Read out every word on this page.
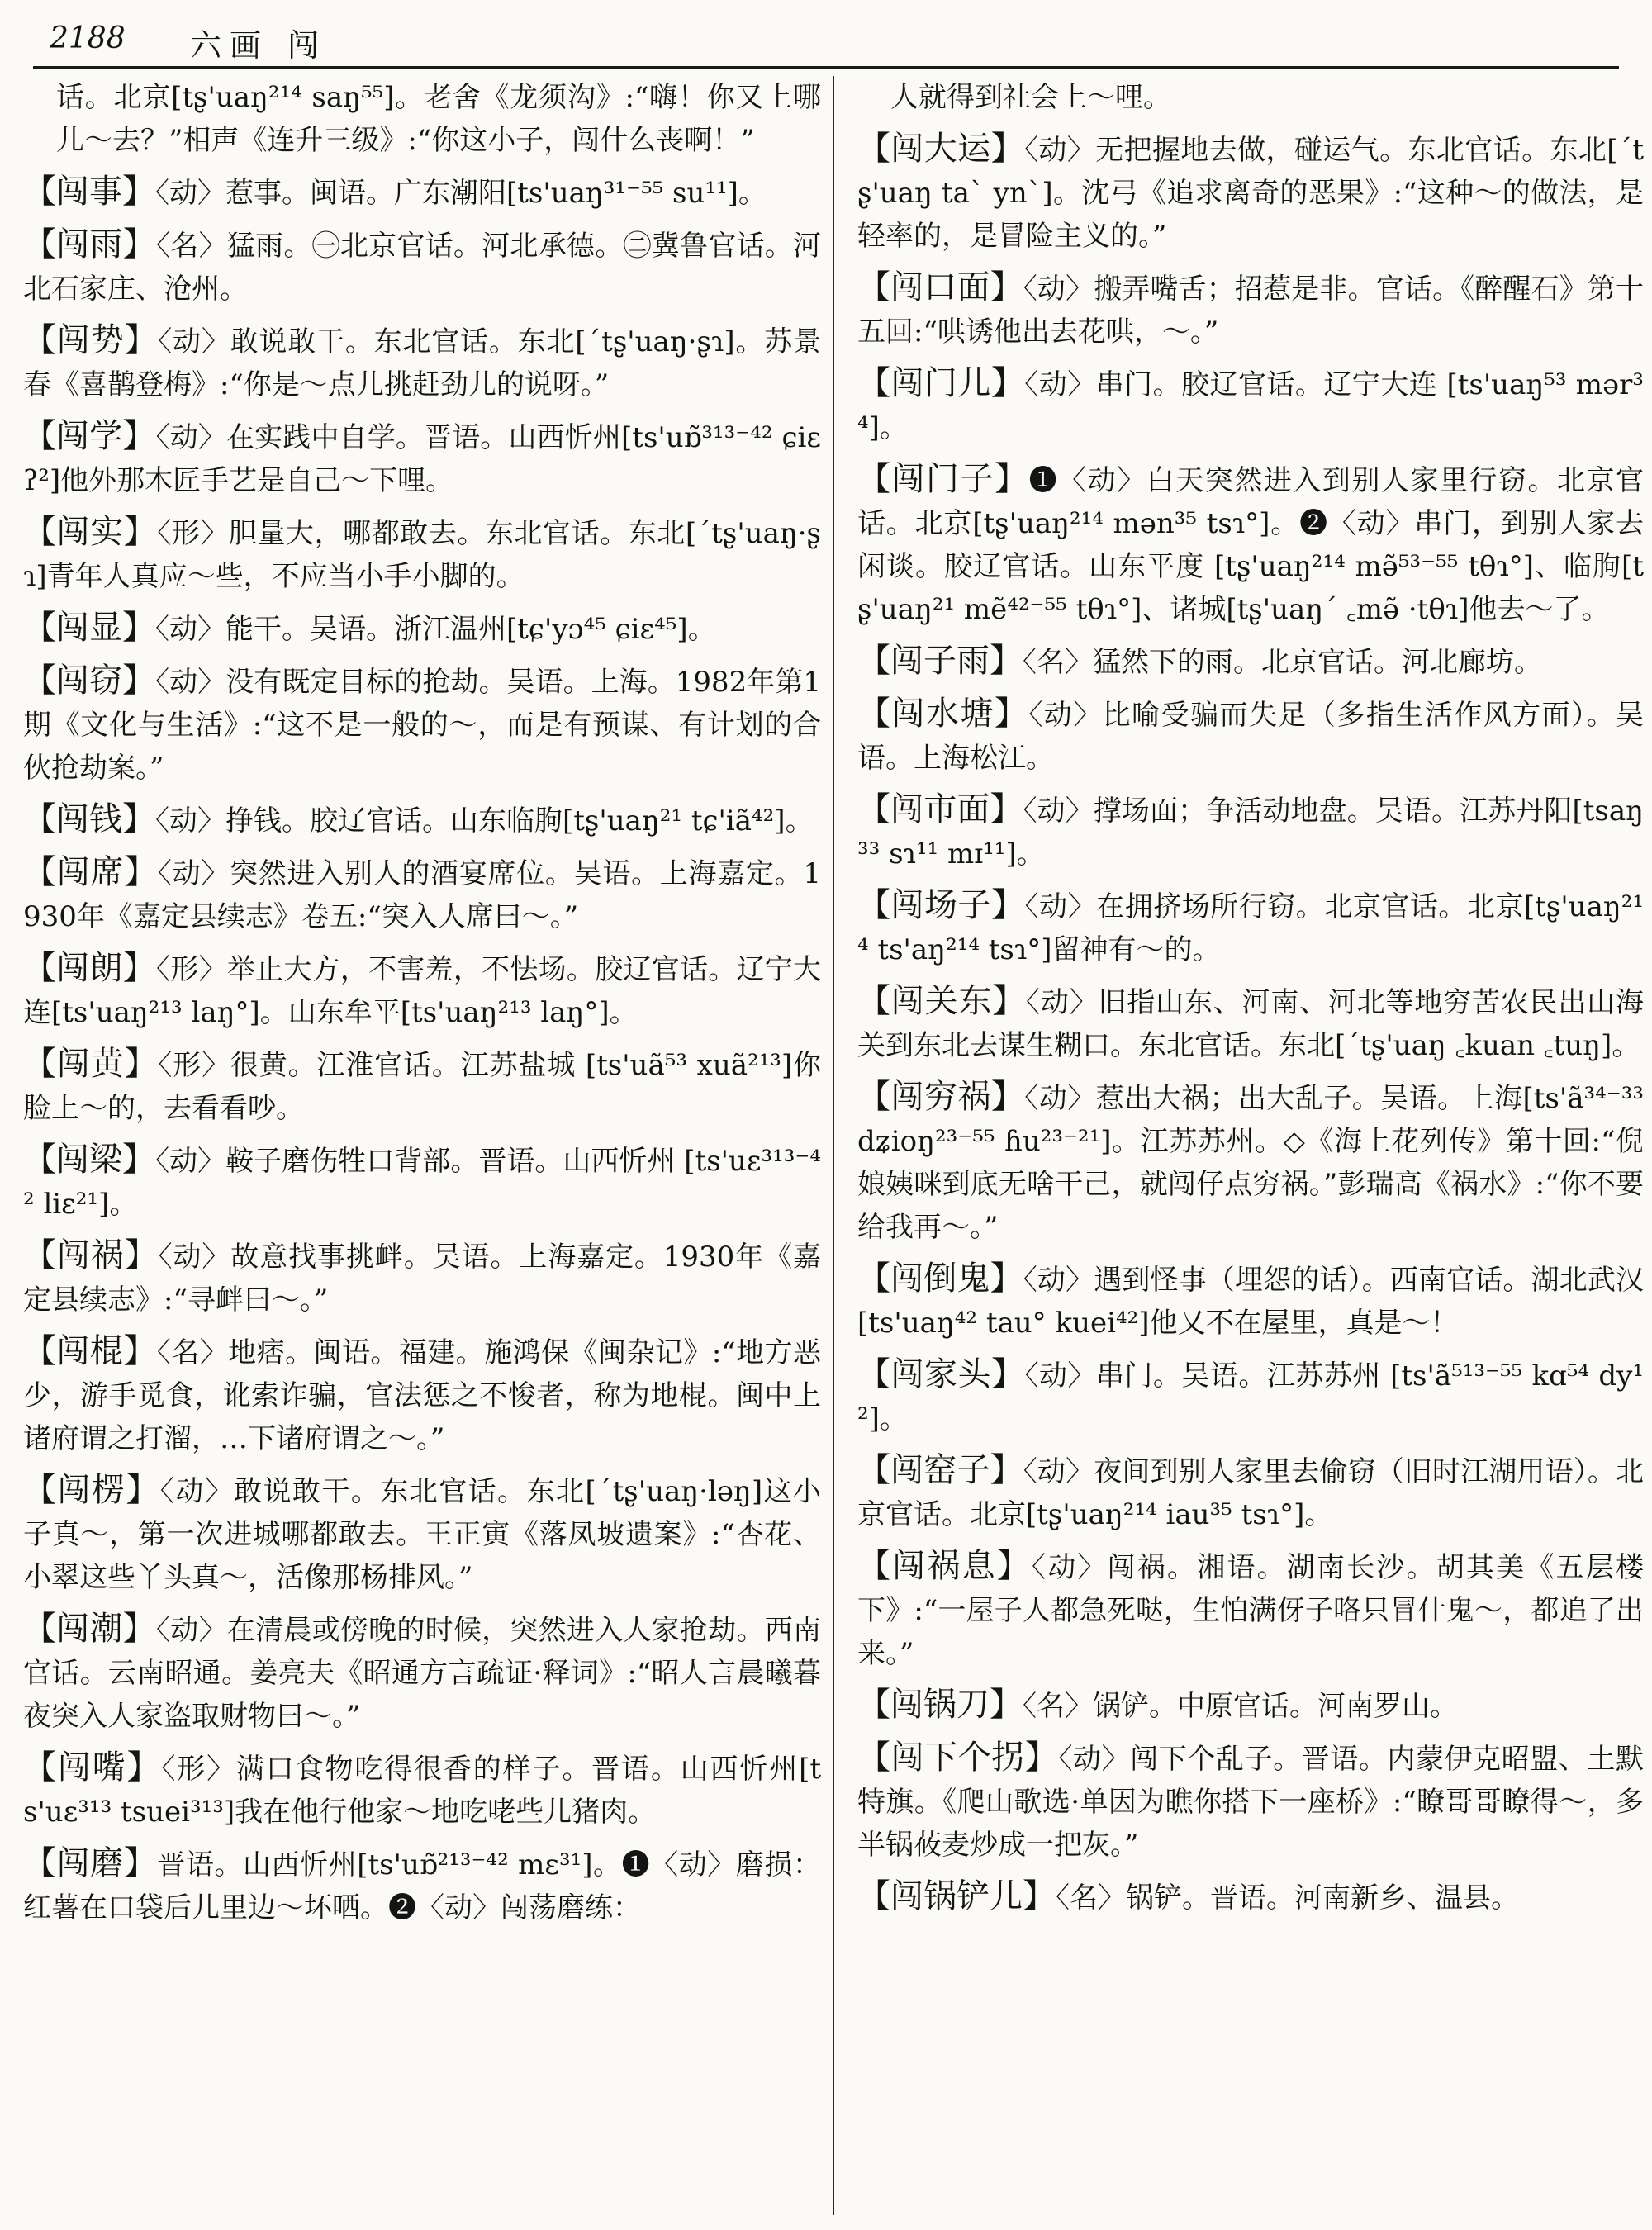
2188 六画 闯

话。北京[tʂ'uaŋ²¹⁴ saŋ⁵⁵]。老舍《龙须沟》:“嗨！你又上哪儿～去？”相声《连升三级》:“你这小子，闯什么丧啊！”

【闯事】〈动〉惹事。闽语。广东潮阳[ts'uaŋ³¹⁻⁵⁵ su¹¹]。

【闯雨】〈名〉猛雨。㊀北京官话。河北承德。㊁冀鲁官话。河北石家庄、沧州。

【闯势】〈动〉敢说敢干。东北官话。东北[ˊtʂ'uaŋ·ʂɿ]。苏景春《喜鹊登梅》:“你是～点儿挑赶劲儿的说呀。”

【闯学】〈动〉在实践中自学。晋语。山西忻州[ts'uɒ̃³¹³⁻⁴² ɕiɛʔ²]他外那木匠手艺是自己～下哩。

【闯实】〈形〉胆量大，哪都敢去。东北官话。东北[ˊtʂ'uaŋ·ʂɿ]青年人真应～些，不应当小手小脚的。

【闯显】〈动〉能干。吴语。浙江温州[tɕ'yɔ⁴⁵ ɕiɛ⁴⁵]。

【闯窃】〈动〉没有既定目标的抢劫。吴语。上海。1982年第1期《文化与生活》:“这不是一般的～，而是有预谋、有计划的合伙抢劫案。”

【闯钱】〈动〉挣钱。胶辽官话。山东临朐[tʂ'uaŋ²¹ tɕ'iã⁴²]。

【闯席】〈动〉突然进入别人的酒宴席位。吴语。上海嘉定。1930年《嘉定县续志》卷五:“突入人席曰～。”

【闯朗】〈形〉举止大方，不害羞，不怯场。胶辽官话。辽宁大连[ts'uaŋ²¹³ laŋ°]。山东牟平[ts'uaŋ²¹³ laŋ°]。

【闯黄】〈形〉很黄。江淮官话。江苏盐城 [ts'uã⁵³ xuã²¹³]你脸上～的，去看看吵。

【闯梁】〈动〉鞍子磨伤牲口背部。晋语。山西忻州 [ts'uɛ³¹³⁻⁴² liɛ²¹]。

【闯祸】〈动〉故意找事挑衅。吴语。上海嘉定。1930年《嘉定县续志》:“寻衅曰～。”

【闯棍】〈名〉地痞。闽语。福建。施鸿保《闽杂记》:“地方恶少，游手觅食，讹索诈骗，官法惩之不悛者，称为地棍。闽中上诸府谓之打溜，…下诸府谓之～。”

【闯楞】〈动〉敢说敢干。东北官话。东北[ˊtʂ'uaŋ·ləŋ]这小子真～，第一次进城哪都敢去。王正寅《落凤坡遗案》:“杏花、小翠这些丫头真～，活像那杨排风。”

【闯潮】〈动〉在清晨或傍晚的时候，突然进入人家抢劫。西南官话。云南昭通。姜亮夫《昭通方言疏证·释词》:“昭人言晨曦暮夜突入人家盗取财物曰～。”

【闯嘴】〈形〉满口食物吃得很香的样子。晋语。山西忻州[ts'uɛ³¹³ tsuei³¹³]我在他行他家～地吃咾些儿猪肉。

【闯磨】晋语。山西忻州[ts'uɒ̃²¹³⁻⁴² mɛ³¹]。❶〈动〉磨损：红薯在口袋后儿里边～坏哂。❷〈动〉闯荡磨练：

人就得到社会上～哩。

【闯大运】〈动〉无把握地去做，碰运气。东北官话。东北[ˊtʂ'uaŋ taˋ ynˋ]。沈弓《追求离奇的恶果》:“这种～的做法，是轻率的，是冒险主义的。”

【闯口面】〈动〉搬弄嘴舌；招惹是非。官话。《醉醒石》第十五回:“哄诱他出去花哄，～。”

【闯门儿】〈动〉串门。胶辽官话。辽宁大连 [ts'uaŋ⁵³ mər³⁴]。

【闯门子】❶〈动〉白天突然进入到别人家里行窃。北京官话。北京[tʂ'uaŋ²¹⁴ mən³⁵ tsɿ°]。❷〈动〉串门，到别人家去闲谈。胶辽官话。山东平度 [tʂ'uaŋ²¹⁴ mə̃⁵³⁻⁵⁵ tθɿ°]、临朐[tʂ'uaŋ²¹ mẽ⁴²⁻⁵⁵ tθɿ°]、诸城[tʂ'uaŋˊ ꜀mə̃ ·tθɿ]他去～了。

【闯子雨】〈名〉猛然下的雨。北京官话。河北廊坊。

【闯水塘】〈动〉比喻受骗而失足（多指生活作风方面）。吴语。上海松江。

【闯市面】〈动〉撑场面；争活动地盘。吴语。江苏丹阳[tsaŋ³³ sɿ¹¹ mɪ¹¹]。

【闯场子】〈动〉在拥挤场所行窃。北京官话。北京[tʂ'uaŋ²¹⁴ ts'aŋ²¹⁴ tsɿ°]留神有～的。

【闯关东】〈动〉旧指山东、河南、河北等地穷苦农民出山海关到东北去谋生糊口。东北官话。东北[ˊtʂ'uaŋ ꜀kuan ꜀tuŋ]。

【闯穷祸】〈动〉惹出大祸；出大乱子。吴语。上海[ts'ã³⁴⁻³³ dʑioŋ²³⁻⁵⁵ ɦu²³⁻²¹]。江苏苏州。◇《海上花列传》第十回:“倪娘姨咪到底无啥干己，就闯仔点穷祸。”彭瑞高《祸水》:“你不要给我再～。”

【闯倒鬼】〈动〉遇到怪事（埋怨的话）。西南官话。湖北武汉[ts'uaŋ⁴² tau° kuei⁴²]他又不在屋里，真是～！

【闯家头】〈动〉串门。吴语。江苏苏州 [ts'ã⁵¹³⁻⁵⁵ kɑ⁵⁴ dy¹²]。

【闯窑子】〈动〉夜间到别人家里去偷窃（旧时江湖用语）。北京官话。北京[tʂ'uaŋ²¹⁴ iau³⁵ tsɿ°]。

【闯祸息】〈动〉闯祸。湘语。湖南长沙。胡其美《五层楼下》:“一屋子人都急死哒，生怕满伢子咯只冒什鬼～，都追了出来。”

【闯锅刀】〈名〉锅铲。中原官话。河南罗山。

【闯下个拐】〈动〉闯下个乱子。晋语。内蒙伊克昭盟、土默特旗。《爬山歌选·单因为瞧你搭下一座桥》:“瞭哥哥瞭得～，多半锅莜麦炒成一把灰。”

【闯锅铲儿】〈名〉锅铲。晋语。河南新乡、温县。
